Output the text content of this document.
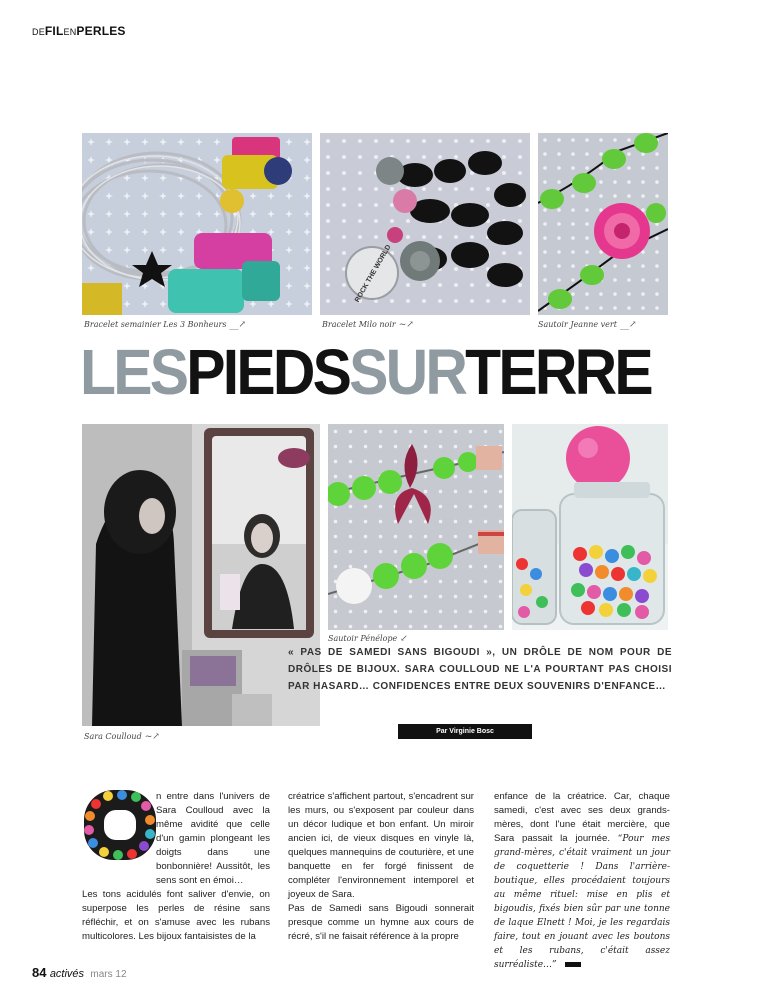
DEFILENPERLES
ROCK THE WORLD
Bracelet semainier Les 3 Bonheurs __↗	Bracelet Milo noir ~↗	Sautoir Jeanne vert __↗
LESPIEDSSURTERRE
Sautoir Pénélope ↙
Sara Coulloud ~↗
« PAS DE SAMEDI SANS BIGOUDI », UN DRÔLE DE NOM POUR DE DRÔLES DE BIJOUX. SARA COULLOUD NE L'A POURTANT PAS CHOISI PAR HASARD… CONFIDENCES ENTRE DEUX SOUVENIRS D'ENFANCE…
Par Virginie Bosc

n entre dans l'univers de Sara Coulloud avec la même avidité que celle d'un gamin plongeant les doigts dans une bonbonnière! Aussitôt, les sens sont en émoi…

Les tons acidulés font saliver d'envie, on superpose les perles de résine sans réfléchir, et on s'amuse avec les rubans multicolores. Les bijoux fantaisistes de la

créatrice s'affichent partout, s'encadrent sur les murs, ou s'exposent par couleur dans un décor ludique et bon enfant. Un miroir ancien ici, de vieux disques en vinyle là, quelques mannequins de couturière, et une banquette en fer forgé finissent de compléter l'environnement intemporel et joyeux de Sara.

Pas de Samedi sans Bigoudi sonnerait presque comme un hymne aux cours de récré, s'il ne faisait référence à la propre

enfance de la créatrice. Car, chaque samedi, c'est avec ses deux grands-mères, dont l'une était mercière, que Sara passait la journée. “Pour mes grand-mères, c'était vraiment un jour de coquetterie ! Dans l'arrière-boutique, elles procédaient toujours au même rituel: mise en plis et bigoudis, fixés bien sûr par une tonne de laque Elnett ! Moi, je les regardais faire, tout en jouant avec les boutons et les rubans, c'était assez surréaliste…”

84 activés mars 12
